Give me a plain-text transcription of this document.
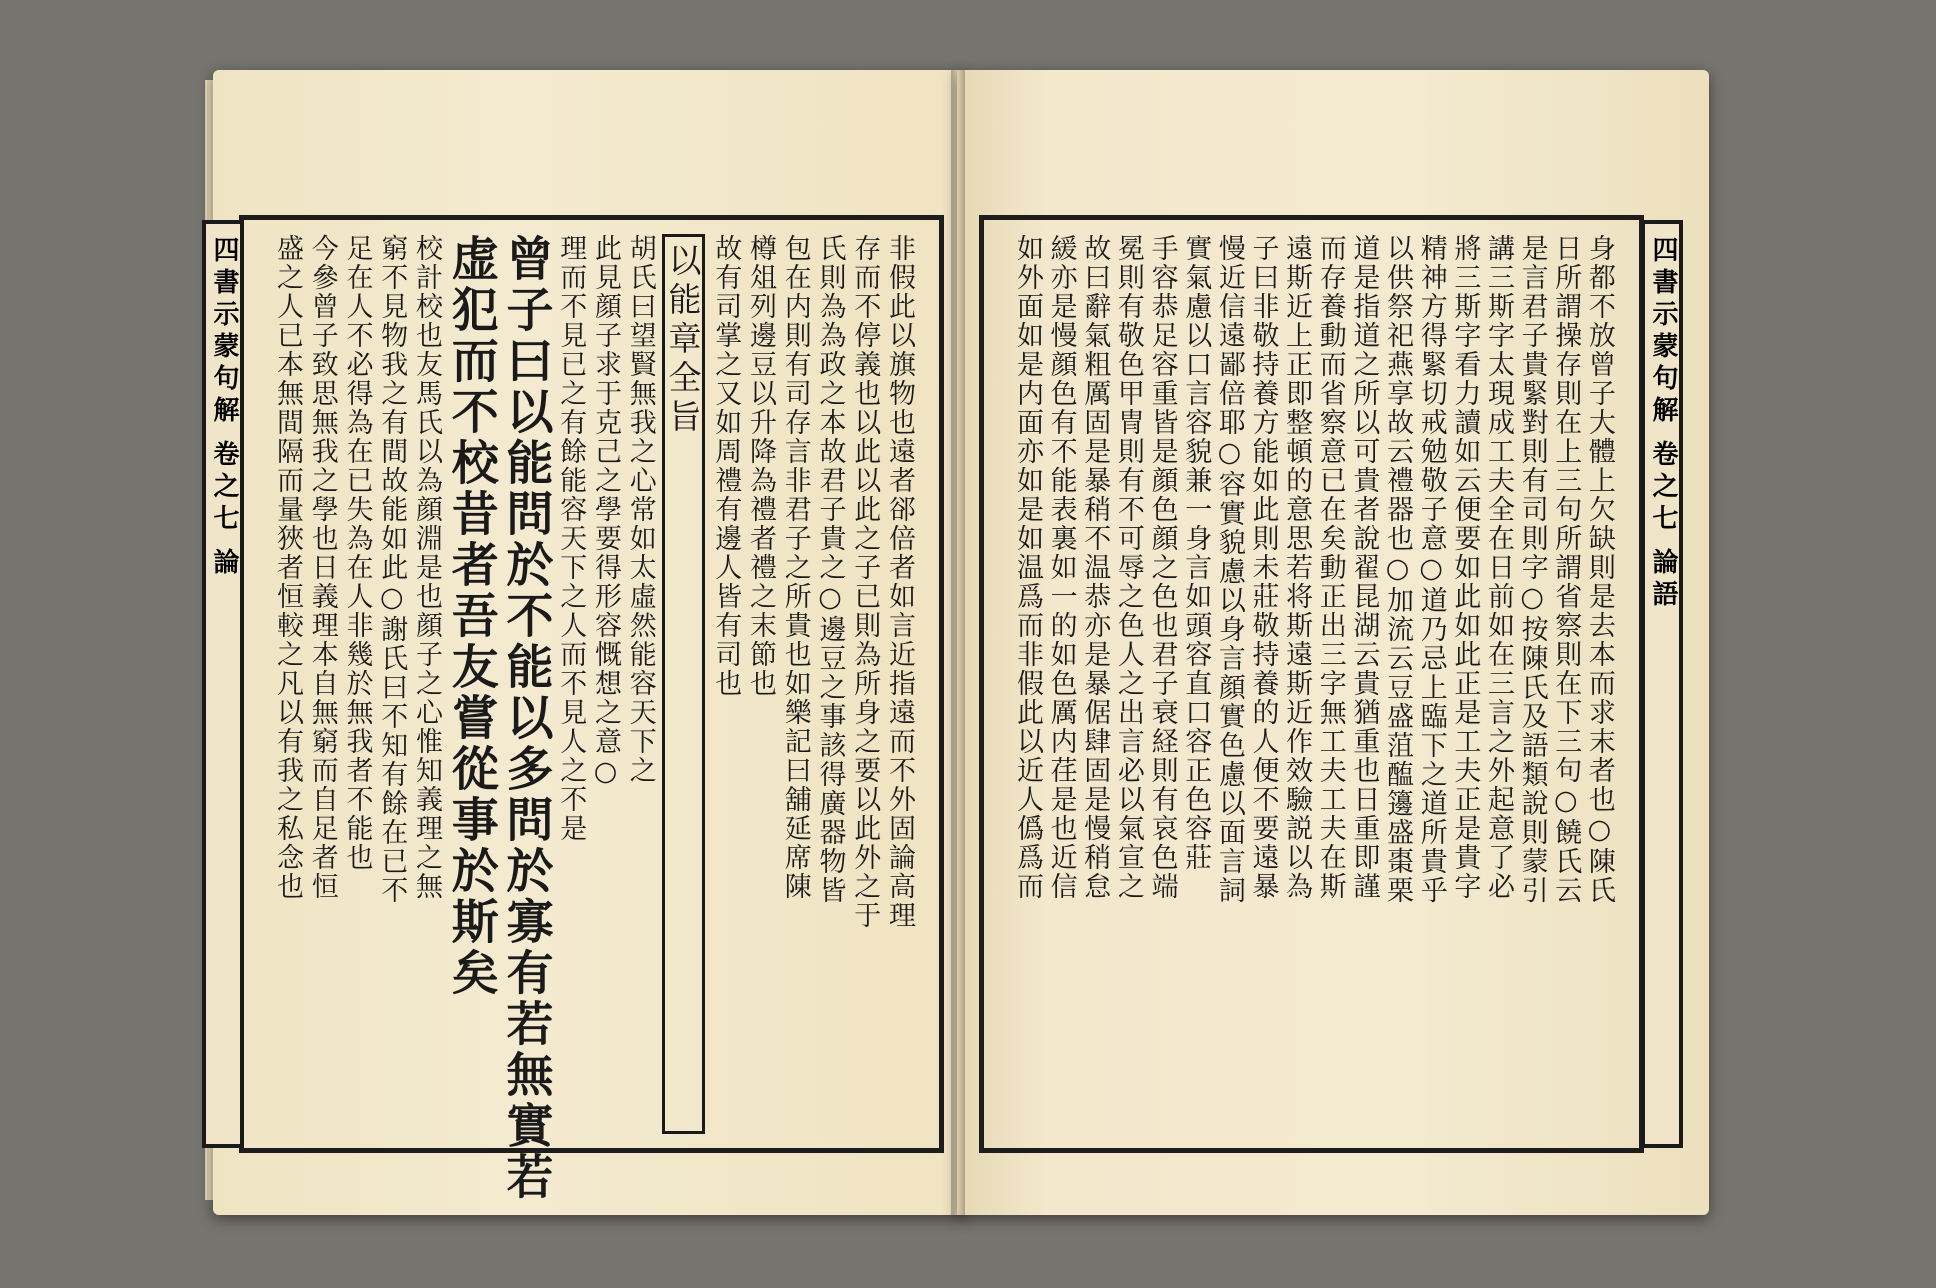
四書示蒙句解
卷之七
論	非假此以旗物也遠者郤倍者如言近指遠而不外固論高理
存而不停義也以此以此之子已則為所身之要以此外之于
氏則為為政之本故君子貴之○邊豆之事該得廣器物皆
包在内則有司存言非君子之所貴也如樂記曰舖延席陳
樽俎列邊豆以升降為禮者禮之末節也
故有司掌之又如周禮有邊人皆有司也
以能章全旨
胡氏曰望賢無我之心常如太虛然能容天下之
此見顔子求于克己之學要得形容慨想之意○
理而不見已之有餘能容天下之人而不見人之不是
曾子曰以能問於不能以多問於寡有若無實若
虚犯而不校昔者吾友嘗從事於斯矣
校計校也友馬氏以為顔淵是也顔子之心惟知義理之無
窮不見物我之有間故能如此○謝氏曰不知有餘在已不
足在人不必得為在已失為在人非幾於無我者不能也
今參曾子致思無我之學也日義理本自無窮而自足者恒
盛之人已本無間隔而量狹者恒較之凡以有我之私念也	四書示蒙句解
卷之七
論語
身都不放曾子大體上欠缺則是去本而求末者也○陳氏
日所謂操存則在上三句所謂省察則在下三句○饒氏云
是言君子貴緊對則有司則字○按陳氏及語類說則蒙引
講三斯字太現成工夫全在日前如在三言之外起意了必
將三斯字看力讀如云便要如此如此正是工夫正是貴字
精神方得緊切戒勉敬子意○道乃忌上臨下之道所貴乎
以供祭祀燕享故云禮器也○加流云豆盛菹醢籩盛棗栗
道是指道之所以可貴者說翟昆湖云貴猶重也日重即謹
而存養動而省察意已在矣動正出三字無工夫工夫在斯
遠斯近上正即整頓的意思若将斯遠斯近作效驗説以為
子曰非敬持養方能如此則未莊敬持養的人便不要遠暴
慢近信遠鄙倍耶○容實貌慮以身言顔實色慮以面言詞
實氣慮以口言容貌兼一身言如頭容直口容正色容莊
手容恭足容重皆是顔色顔之色也君子衰経則有哀色端
冕則有敬色甲冑則有不可辱之色人之出言必以氣宣之
故曰辭氣粗厲固是暴稍不温恭亦是暴倨肆固是慢稍怠
緩亦是慢顔色有不能表裏如一的如色厲内荏是也近信
如外面如是内面亦如是如温爲而非假此以近人僞爲而
